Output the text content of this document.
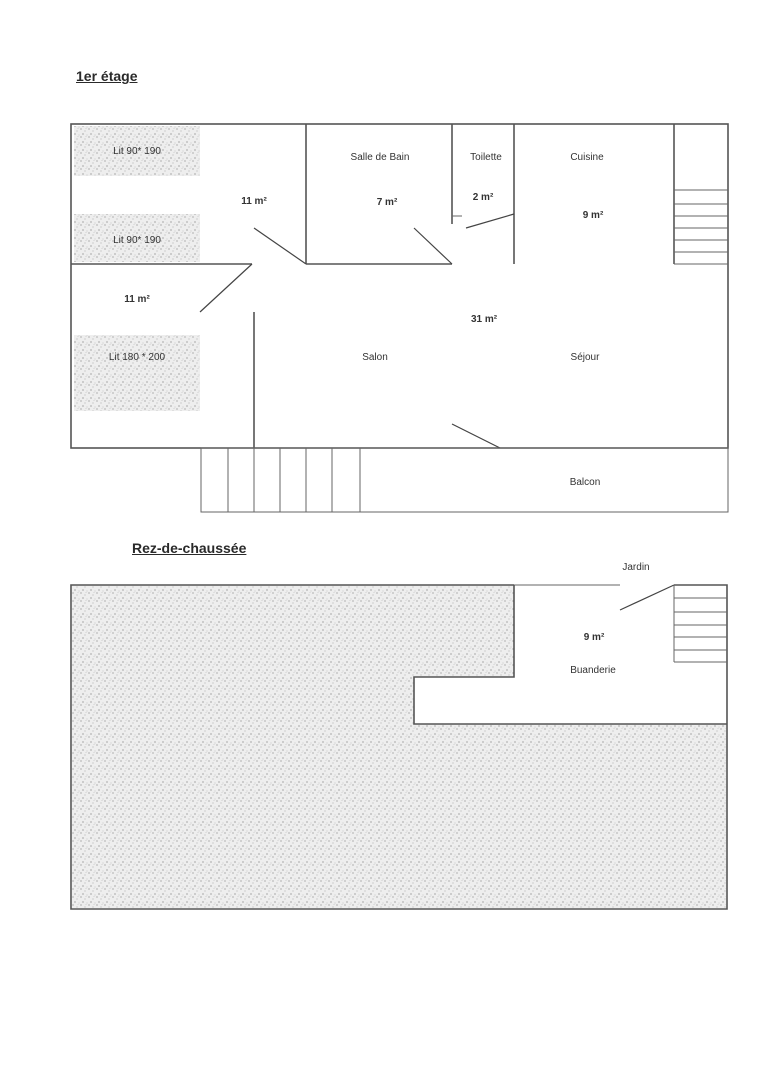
1er étage
Rez-de-chaussée
Lit 90* 190
Lit 90* 190
Lit 180 * 200
11 m²
11 m²
Salle de Bain
7 m²
Toilette
2 m²
Cuisine
9 m²
31 m²
Salon	Séjour
Balcon
Jardin
9 m²
Buanderie
